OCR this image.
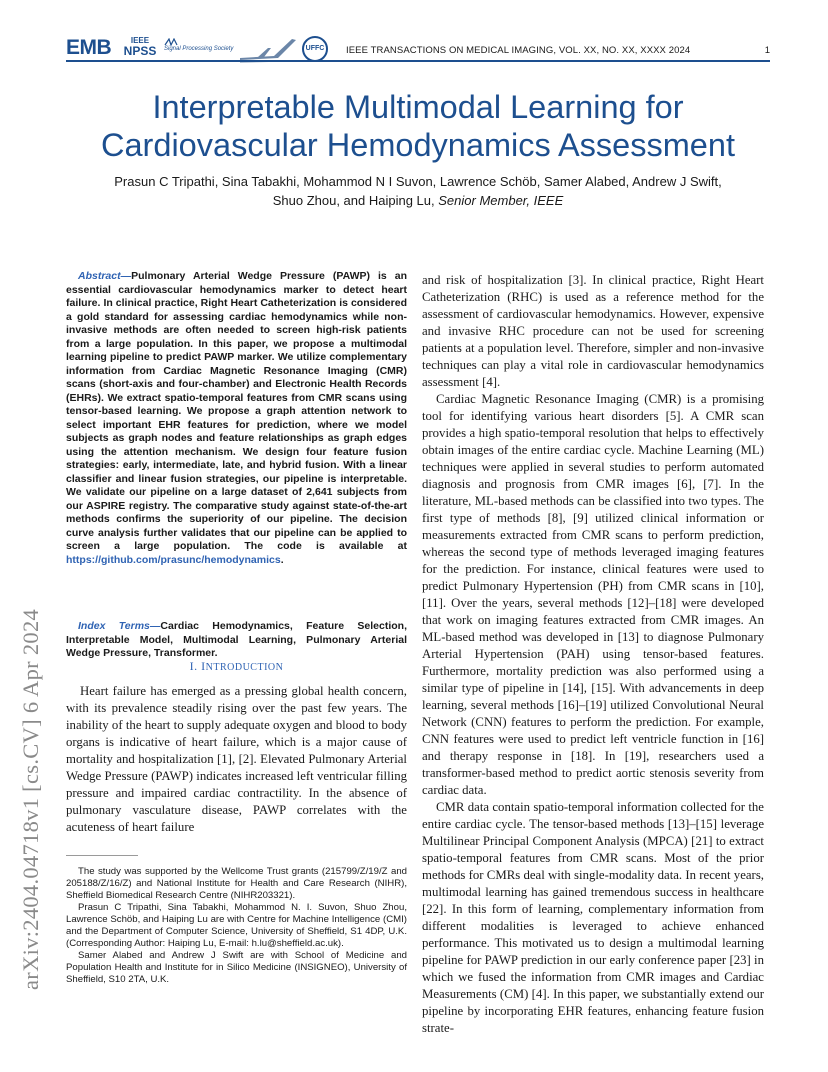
EMB	IEEE
NPSS	Signal Processing Society	UFFC	IEEE TRANSACTIONS ON MEDICAL IMAGING, VOL. XX, NO. XX, XXXX 2024	1
Interpretable Multimodal Learning for
Cardiovascular Hemodynamics Assessment
Prasun C Tripathi, Sina Tabakhi, Mohammod N I Suvon, Lawrence Schöb, Samer Alabed, Andrew J Swift,
Shuo Zhou, and Haiping Lu, Senior Member, IEEE
arXiv:2404.04718v1 [cs.CV] 6 Apr 2024
Abstract—Pulmonary Arterial Wedge Pressure (PAWP) is an essential cardiovascular hemodynamics marker to detect heart failure. In clinical practice, Right Heart Catheterization is considered a gold standard for assessing cardiac hemodynamics while non-invasive methods are often needed to screen high-risk patients from a large population. In this paper, we propose a multimodal learning pipeline to predict PAWP marker. We utilize complementary information from Cardiac Magnetic Resonance Imaging (CMR) scans (short-axis and four-chamber) and Electronic Health Records (EHRs). We extract spatio-temporal features from CMR scans using tensor-based learning. We propose a graph attention network to select important EHR features for prediction, where we model subjects as graph nodes and feature relationships as graph edges using the attention mechanism. We design four feature fusion strategies: early, intermediate, late, and hybrid fusion. With a linear classifier and linear fusion strategies, our pipeline is interpretable. We validate our pipeline on a large dataset of 2,641 subjects from our ASPIRE registry. The comparative study against state-of-the-art methods confirms the superiority of our pipeline. The decision curve analysis further validates that our pipeline can be applied to screen a large population. The code is available at https://github.com/prasunc/hemodynamics.
Index Terms—Cardiac Hemodynamics, Feature Selection, Interpretable Model, Multimodal Learning, Pulmonary Arterial Wedge Pressure, Transformer.
I. INTRODUCTION

Heart failure has emerged as a pressing global health concern, with its prevalence steadily rising over the past few years. The inability of the heart to supply adequate oxygen and blood to body organs is indicative of heart failure, which is a major cause of mortality and hospitalization [1], [2]. Elevated Pulmonary Arterial Wedge Pressure (PAWP) indicates increased left ventricular filling pressure and impaired cardiac contractility. In the absence of pulmonary vasculature disease, PAWP correlates with the acuteness of heart failure

The study was supported by the Wellcome Trust grants (215799/Z/19/Z and 205188/Z/16/Z) and National Institute for Health and Care Research (NIHR), Sheffield Biomedical Research Centre (NIHR203321).

Prasun C Tripathi, Sina Tabakhi, Mohammod N. I. Suvon, Shuo Zhou, Lawrence Schöb, and Haiping Lu are with Centre for Machine Intelligence (CMI) and the Department of Computer Science, University of Sheffield, S1 4DP, U.K. (Corresponding Author: Haiping Lu, E-mail: h.lu@sheffield.ac.uk).

Samer Alabed and Andrew J Swift are with School of Medicine and Population Health and Institute for in Silico Medicine (INSIGNEO), University of Sheffield, S10 2TA, U.K.

and risk of hospitalization [3]. In clinical practice, Right Heart Catheterization (RHC) is used as a reference method for the assessment of cardiovascular hemodynamics. However, expensive and invasive RHC procedure can not be used for screening patients at a population level. Therefore, simpler and non-invasive techniques can play a vital role in cardiovascular hemodynamics assessment [4].

Cardiac Magnetic Resonance Imaging (CMR) is a promising tool for identifying various heart disorders [5]. A CMR scan provides a high spatio-temporal resolution that helps to effectively obtain images of the entire cardiac cycle. Machine Learning (ML) techniques were applied in several studies to perform automated diagnosis and prognosis from CMR images [6], [7]. In the literature, ML-based methods can be classified into two types. The first type of methods [8], [9] utilized clinical information or measurements extracted from CMR scans to perform prediction, whereas the second type of methods leveraged imaging features for the prediction. For instance, clinical features were used to predict Pulmonary Hypertension (PH) from CMR scans in [10], [11]. Over the years, several methods [12]–[18] were developed that work on imaging features extracted from CMR images. An ML-based method was developed in [13] to diagnose Pulmonary Arterial Hypertension (PAH) using tensor-based features. Furthermore, mortality prediction was also performed using a similar type of pipeline in [14], [15]. With advancements in deep learning, several methods [16]–[19] utilized Convolutional Neural Network (CNN) features to perform the prediction. For example, CNN features were used to predict left ventricle function in [16] and therapy response in [18]. In [19], researchers used a transformer-based method to predict aortic stenosis severity from cardiac data.

CMR data contain spatio-temporal information collected for the entire cardiac cycle. The tensor-based methods [13]–[15] leverage Multilinear Principal Component Analysis (MPCA) [21] to extract spatio-temporal features from CMR scans. Most of the prior methods for CMRs deal with single-modality data. In recent years, multimodal learning has gained tremendous success in healthcare [22]. In this form of learning, complementary information from different modalities is leveraged to achieve enhanced performance. This motivated us to design a multimodal learning pipeline for PAWP prediction in our early conference paper [23] in which we fused the information from CMR images and Cardiac Measurements (CM) [4]. In this paper, we substantially extend our pipeline by incorporating EHR features, enhancing feature fusion strate-
